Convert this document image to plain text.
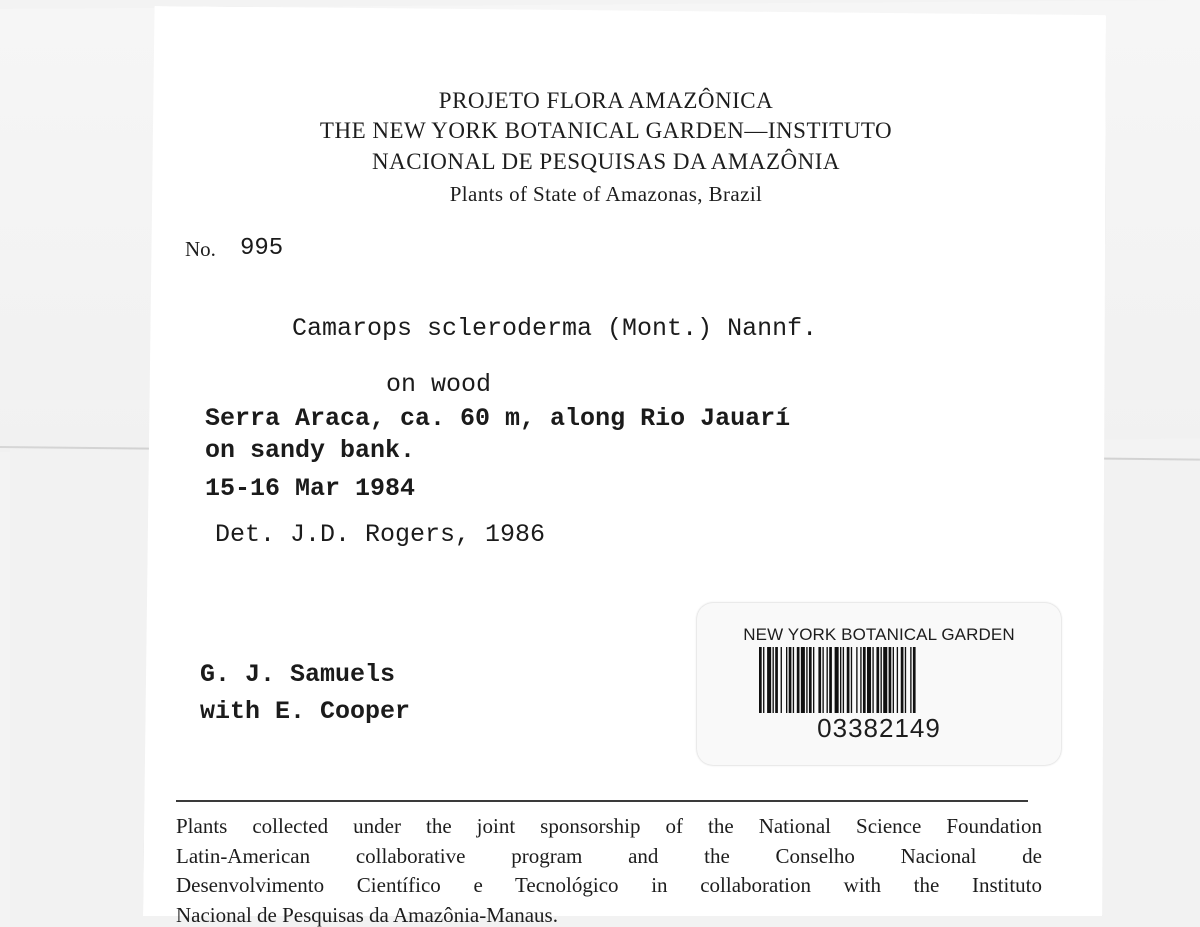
PROJETO FLORA AMAZÔNICA
THE NEW YORK BOTANICAL GARDEN—INSTITUTO
NACIONAL DE PESQUISAS DA AMAZÔNIA
Plants of State of Amazonas, Brazil
No. 995
Camarops scleroderma (Mont.) Nannf.
on wood
Serra Araca, ca. 60 m, along Rio Jauarí
on sandy bank.
15-16 Mar 1984
Det. J.D. Rogers, 1986
G. J. Samuels
with E. Cooper
NEW YORK BOTANICAL GARDEN
03382149
Plants collected under the joint sponsorship of the National Science Foundation
Latin-American collaborative program and the Conselho Nacional de
Desenvolvimento Científico e Tecnológico in collaboration with the Instituto
Nacional de Pesquisas da Amazônia-Manaus.
